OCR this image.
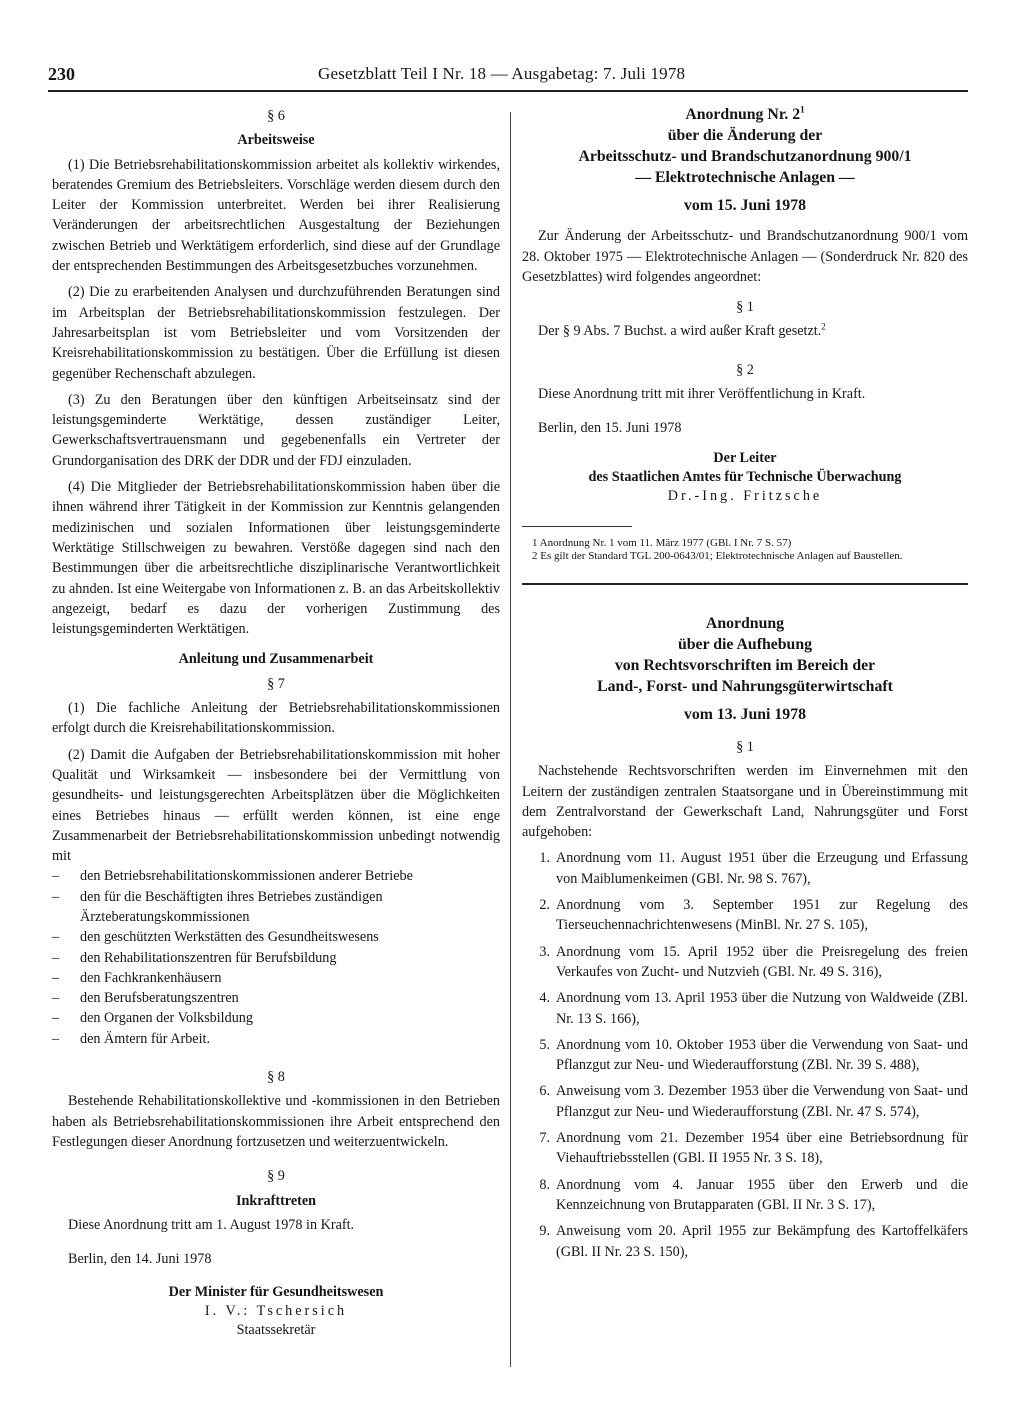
230	Gesetzblatt Teil I Nr. 18 — Ausgabetag: 7. Juli 1978

§ 6

Arbeitsweise

(1) Die Betriebsrehabilitationskommission arbeitet als kollektiv wirkendes, beratendes Gremium des Betriebsleiters. Vorschläge werden diesem durch den Leiter der Kommission unterbreitet. Werden bei ihrer Realisierung Veränderungen der arbeitsrechtlichen Ausgestaltung der Beziehungen zwischen Betrieb und Werktätigem erforderlich, sind diese auf der Grundlage der entsprechenden Bestimmungen des Arbeitsgesetzbuches vorzunehmen.

(2) Die zu erarbeitenden Analysen und durchzuführenden Beratungen sind im Arbeitsplan der Betriebsrehabilitationskommission festzulegen. Der Jahresarbeitsplan ist vom Betriebsleiter und vom Vorsitzenden der Kreisrehabilitationskommission zu bestätigen. Über die Erfüllung ist diesen gegenüber Rechenschaft abzulegen.

(3) Zu den Beratungen über den künftigen Arbeitseinsatz sind der leistungsgeminderte Werktätige, dessen zuständiger Leiter, Gewerkschaftsvertrauensmann und gegebenenfalls ein Vertreter der Grundorganisation des DRK der DDR und der FDJ einzuladen.

(4) Die Mitglieder der Betriebsrehabilitationskommission haben über die ihnen während ihrer Tätigkeit in der Kommission zur Kenntnis gelangenden medizinischen und sozialen Informationen über leistungsgeminderte Werktätige Stillschweigen zu bewahren. Verstöße dagegen sind nach den Bestimmungen über die arbeitsrechtliche disziplinarische Verantwortlichkeit zu ahnden. Ist eine Weitergabe von Informationen z. B. an das Arbeitskollektiv angezeigt, bedarf es dazu der vorherigen Zustimmung des leistungsgeminderten Werktätigen.

Anleitung und Zusammenarbeit

§ 7

(1) Die fachliche Anleitung der Betriebsrehabilitationskommissionen erfolgt durch die Kreisrehabilitationskommission.

(2) Damit die Aufgaben der Betriebsrehabilitationskommission mit hoher Qualität und Wirksamkeit — insbesondere bei der Vermittlung von gesundheits- und leistungsgerechten Arbeitsplätzen über die Möglichkeiten eines Betriebes hinaus — erfüllt werden können, ist eine enge Zusammenarbeit der Betriebsrehabilitationskommission unbedingt notwendig mit

– den Betriebsrehabilitationskommissionen anderer Betriebe
– den für die Beschäftigten ihres Betriebes zuständigen Ärzteberatungskommissionen
– den geschützten Werkstätten des Gesundheitswesens
– den Rehabilitationszentren für Berufsbildung
– den Fachkrankenhäusern
– den Berufsberatungszentren
– den Organen der Volksbildung
– den Ämtern für Arbeit.

§ 8

Bestehende Rehabilitationskollektive und -kommissionen in den Betrieben haben als Betriebsrehabilitationskommissionen ihre Arbeit entsprechend den Festlegungen dieser Anordnung fortzusetzen und weiterzuentwickeln.

§ 9

Inkrafttreten

Diese Anordnung tritt am 1. August 1978 in Kraft.

Berlin, den 14. Juni 1978

Der Minister für Gesundheitswesen

I. V.: Tschersich

Staatssekretär

Anordnung Nr. $2^1$
über die Änderung der
Arbeitsschutz- und Brandschutzanordnung 900/1
— Elektrotechnische Anlagen —

vom 15. Juni 1978

Zur Änderung der Arbeitsschutz- und Brandschutzanordnung 900/1 vom 28. Oktober 1975 — Elektrotechnische Anlagen — (Sonderdruck Nr. 820 des Gesetzblattes) wird folgendes angeordnet:

§ 1

Der § 9 Abs. 7 Buchst. a wird außer Kraft gesetzt.$^2$

§ 2

Diese Anordnung tritt mit ihrer Veröffentlichung in Kraft.

Berlin, den 15. Juni 1978

Der Leiter

des Staatlichen Amtes für Technische Überwachung

Dr.-Ing. Fritzsche

1 Anordnung Nr. 1 vom 11. März 1977 (GBl. I Nr. 7 S. 57)

2 Es gilt der Standard TGL 200-0643/01; Elektrotechnische Anlagen auf Baustellen.

Anordnung
über die Aufhebung
von Rechtsvorschriften im Bereich der
Land-, Forst- und Nahrungsgüterwirtschaft

vom 13. Juni 1978

§ 1

Nachstehende Rechtsvorschriften werden im Einvernehmen mit den Leitern der zuständigen zentralen Staatsorgane und in Übereinstimmung mit dem Zentralvorstand der Gewerkschaft Land, Nahrungsgüter und Forst aufgehoben:

1. Anordnung vom 11. August 1951 über die Erzeugung und Erfassung von Maiblumenkeimen (GBl. Nr. 98 S. 767),
2. Anordnung vom 3. September 1951 zur Regelung des Tierseuchennachrichtenwesens (MinBl. Nr. 27 S. 105),
3. Anordnung vom 15. April 1952 über die Preisregelung des freien Verkaufes von Zucht- und Nutzvieh (GBl. Nr. 49 S. 316),
4. Anordnung vom 13. April 1953 über die Nutzung von Waldweide (ZBl. Nr. 13 S. 166),
5. Anordnung vom 10. Oktober 1953 über die Verwendung von Saat- und Pflanzgut zur Neu- und Wiederaufforstung (ZBl. Nr. 39 S. 488),
6. Anweisung vom 3. Dezember 1953 über die Verwendung von Saat- und Pflanzgut zur Neu- und Wiederaufforstung (ZBl. Nr. 47 S. 574),
7. Anordnung vom 21. Dezember 1954 über eine Betriebsordnung für Viehauftriebsstellen (GBl. II 1955 Nr. 3 S. 18),
8. Anordnung vom 4. Januar 1955 über den Erwerb und die Kennzeichnung von Brutapparaten (GBl. II Nr. 3 S. 17),
9. Anweisung vom 20. April 1955 zur Bekämpfung des Kartoffelkäfers (GBl. II Nr. 23 S. 150),
